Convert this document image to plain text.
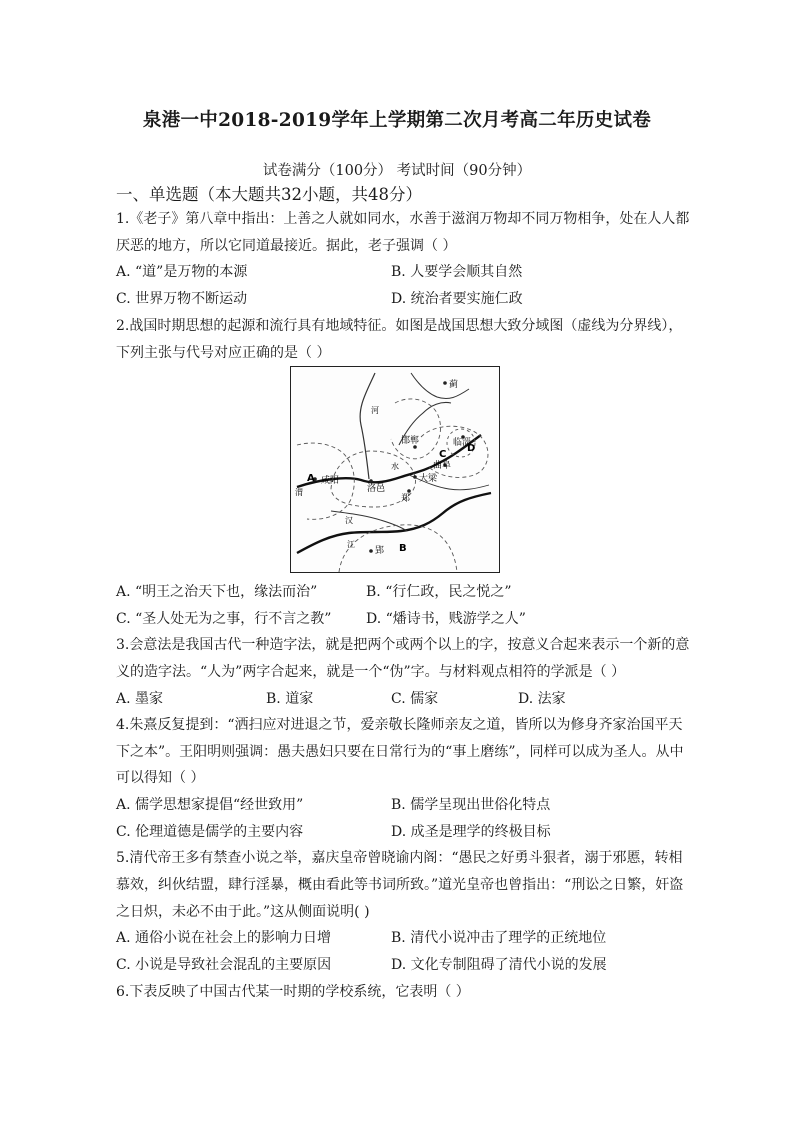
泉港一中2018-2019学年上学期第二次月考高二年历史试卷
试卷满分（100分） 考试时间（90分钟）
一、单选题（本大题共32小题，共48分）
1.《老子》第八章中指出：上善之人就如同水，水善于滋润万物却不同万物相争，处在人人都
厌恶的地方，所以它同道最接近。据此，老子强调（ ）
A. “道”是万物的本源	B. 人要学会顺其自然
C. 世界万物不断运动	D. 统治者要实施仁政
2.战国时期思想的起源和流行具有地域特征。如图是战国思想大致分域图（虚线为分界线），
下列主张与代号对应正确的是（ ）
A
B
C
D
蓟
邯郸	临淄
曲阜
咸阳
洛邑
大梁
郑
郢
河
水
渭
汉
江
A. “明王之治天下也，缘法而治”	B. “行仁政，民之悦之”
C. “圣人处无为之事，行不言之教” D. “燔诗书，贱游学之人”
3.会意法是我国古代一种造字法，就是把两个或两个以上的字，按意义合起来表示一个新的意
义的造字法。“人为”两字合起来，就是一个“伪”字。与材料观点相符的学派是（ ）
A. 墨家	B. 道家	C. 儒家	D. 法家
4.朱熹反复提到：“洒扫应对进退之节，爱亲敬长隆师亲友之道，皆所以为修身齐家治国平天
下之本”。王阳明则强调：愚夫愚妇只要在日常行为的“事上磨练”，同样可以成为圣人。从中
可以得知（ ）
A. 儒学思想家提倡“经世致用”	B. 儒学呈现出世俗化特点
C. 伦理道德是儒学的主要内容	D. 成圣是理学的终极目标
5.清代帝王多有禁查小说之举，嘉庆皇帝曾晓谕内阁：“愚民之好勇斗狠者，溺于邪慝，转相
慕效，纠伙结盟，肆行淫暴，概由看此等书词所致。”道光皇帝也曾指出：“刑讼之日繁，奸盗
之日炽，未必不由于此。”这从侧面说明( )
A. 通俗小说在社会上的影响力日增	B. 清代小说冲击了理学的正统地位
C. 小说是导致社会混乱的主要原因	D. 文化专制阻碍了清代小说的发展
6.下表反映了中国古代某一时期的学校系统，它表明（ ）
